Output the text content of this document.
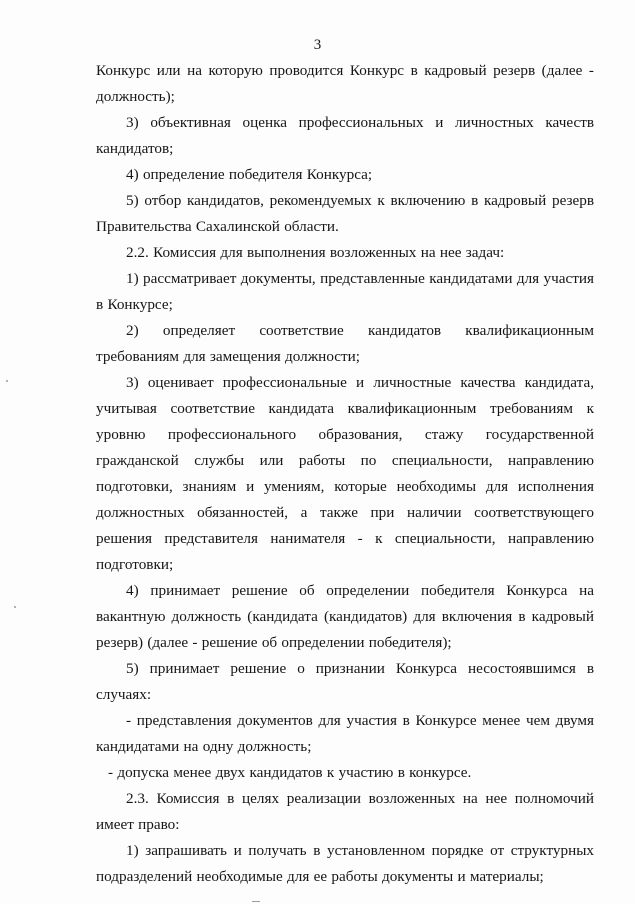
3

Конкурс или на которую проводится Конкурс в кадровый резерв (далее - должность);

3) объективная оценка профессиональных и личностных качеств кандидатов;

4) определение победителя Конкурса;

5) отбор кандидатов, рекомендуемых к включению в кадровый резерв Правительства Сахалинской области.

2.2. Комиссия для выполнения возложенных на нее задач:

1) рассматривает документы, представленные кандидатами для участия в Конкурсе;

2) определяет соответствие кандидатов квалификационным требованиям для замещения должности;

3) оценивает профессиональные и личностные качества кандидата, учитывая соответствие кандидата квалификационным требованиям к уровню профессионального образования, стажу государственной гражданской службы или работы по специальности, направлению подготовки, знаниям и умениям, которые необходимы для исполнения должностных обязанностей, а также при наличии соответствующего решения представителя нанимателя - к специальности, направлению подготовки;

4) принимает решение об определении победителя Конкурса на вакантную должность (кандидата (кандидатов) для включения в кадровый резерв) (далее - решение об определении победителя);

5) принимает решение о признании Конкурса несостоявшимся в случаях:

- представления документов для участия в Конкурсе менее чем двумя кандидатами на одну должность;

- допуска менее двух кандидатов к участию в конкурсе.

2.3. Комиссия в целях реализации возложенных на нее полномочий имеет право:

1) запрашивать и получать в установленном порядке от структурных подразделений необходимые для ее работы документы и материалы;
